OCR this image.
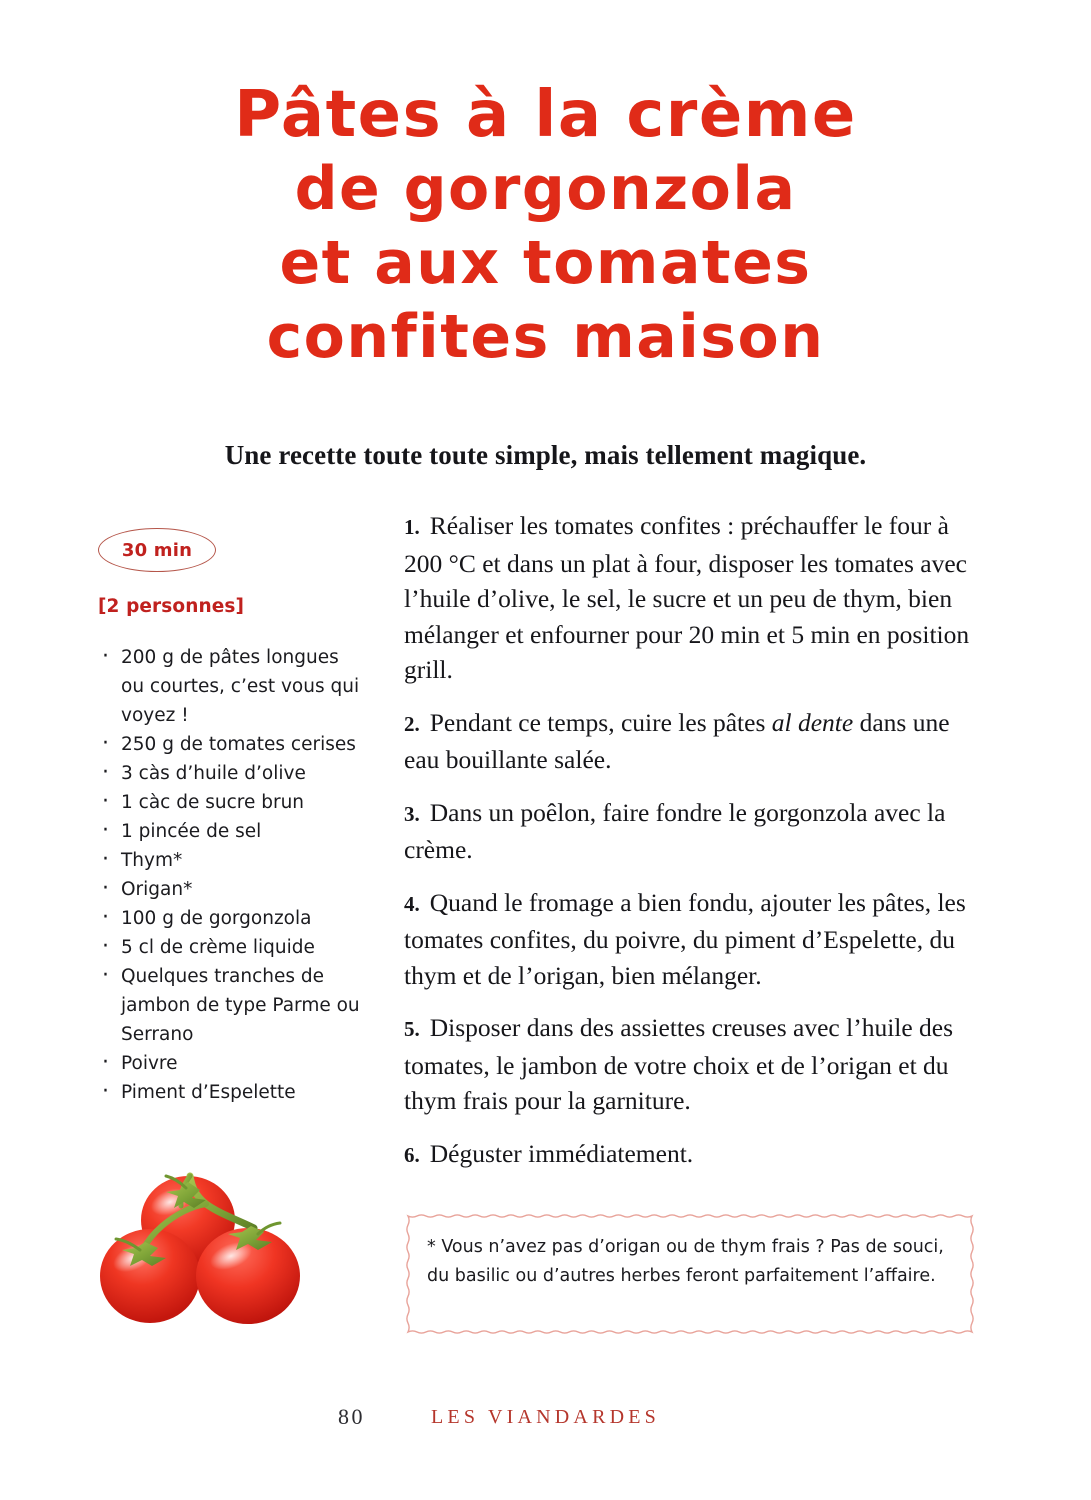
Pâtes à la crème
de gorgonzola
et aux tomates
confites maison
Une recette toute toute simple, mais tellement magique.
30 min
[2 personnes]
· 200 g de pâtes longues ou courtes, c’est vous qui voyez !
· 250 g de tomates cerises
· 3 càs d’huile d’olive
· 1 càc de sucre brun
· 1 pincée de sel
· Thym*
· Origan*
· 100 g de gorgonzola
· 5 cl de crème liquide
· Quelques tranches de jambon de type Parme ou Serrano
· Poivre
· Piment d’Espelette
1. Réaliser les tomates confites : préchauffer le four à 200 °C et dans un plat à four, disposer les tomates avec l’huile d’olive, le sel, le sucre et un peu de thym, bien mélanger et enfourner pour 20 min et 5 min en position grill.
2. Pendant ce temps, cuire les pâtes al dente dans une eau bouillante salée.
3. Dans un poêlon, faire fondre le gorgonzola avec la crème.
4. Quand le fromage a bien fondu, ajouter les pâtes, les tomates confites, du poivre, du piment d’Espelette, du thym et de l’origan, bien mélanger.
5. Disposer dans des assiettes creuses avec l’huile des tomates, le jambon de votre choix et de l’origan et du thym frais pour la garniture.
6. Déguster immédiatement.
* Vous n’avez pas d’origan ou de thym frais ? Pas de souci, du basilic ou d’autres herbes feront parfaitement l’affaire.
80	LES VIANDARDES
